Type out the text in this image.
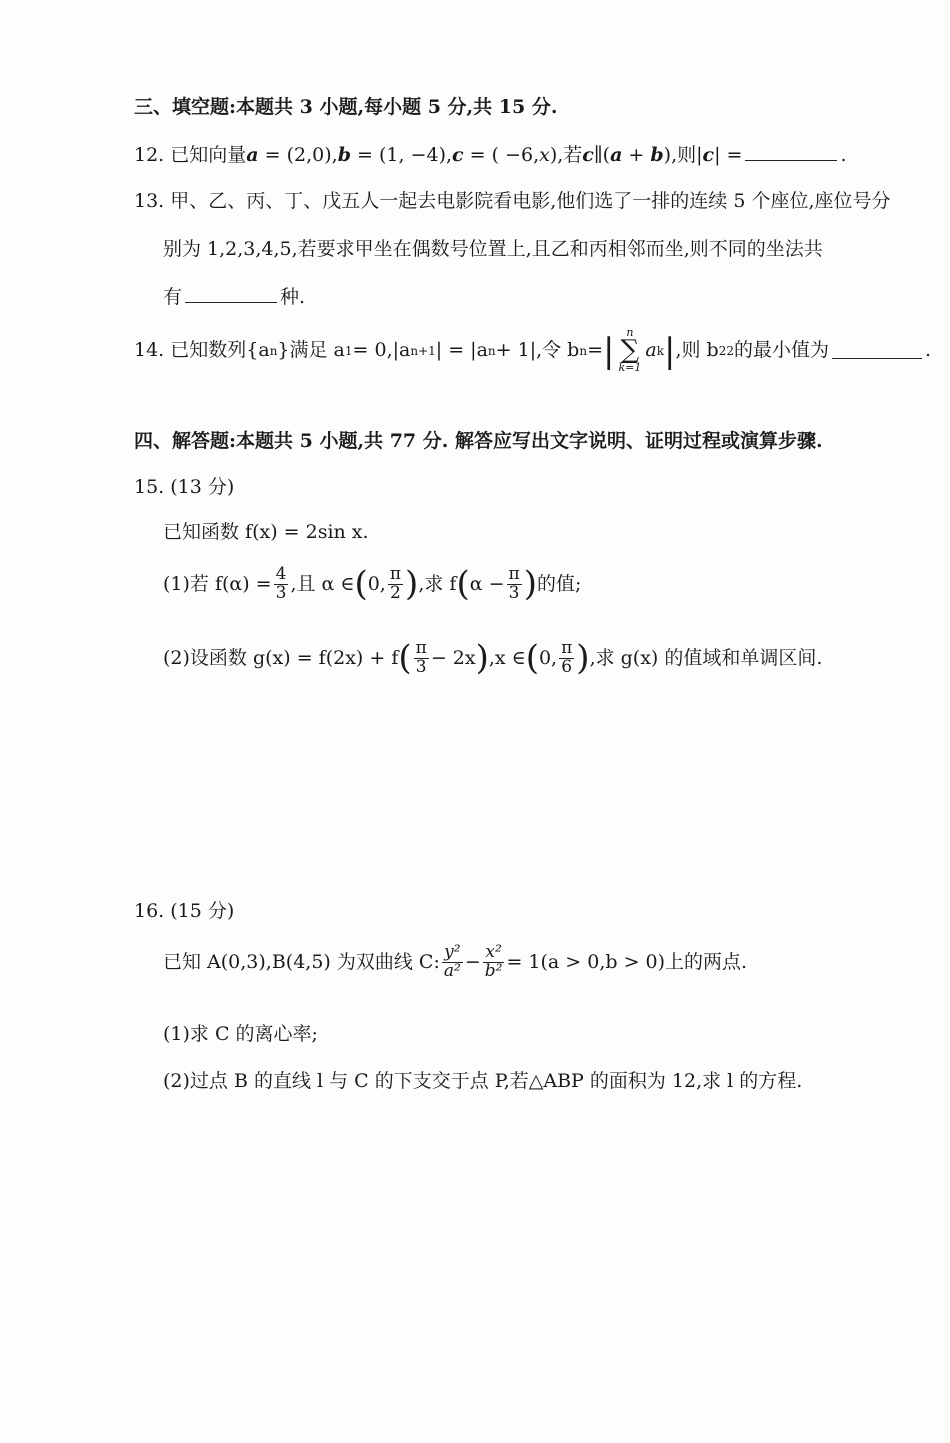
三、填空题:本题共 3 小题,每小题 5 分,共 15 分.
12. 已知向量a = (2,0),b = (1, −4),c = ( −6,x),若c∥(a + b),则|c| =	.
13. 甲、乙、丙、丁、戊五人一起去电影院看电影,他们选了一排的连续 5 个座位,座位号分
别为 1,2,3,4,5,若要求甲坐在偶数号位置上,且乙和丙相邻而坐,则不同的坐法共
有	种.
14.
已知数列{a n }满足 a 1 = 0,|a n+1 | = |a n + 1|,令 b n = | n
∑
k=1
a k | ,则 b 22 的最小值为	.
四、解答题:本题共 5 小题,共 77 分. 解答应写出文字说明、证明过程或演算步骤.
15. (13 分)
已知函数 f(x) = 2sin x.
(1)若 $f(\alpha) = \frac{4}{3}$ ,且 α ∈ ( 0, $\frac{\pi}{2}$ ) ,求 f ( $\alpha - \frac{\pi}{3}$ ) 的值;
(2)设函数 g(x) = f(2x) + f ( $\frac{\pi}{3} - 2x$ ) ,x ∈ ( 0, $\frac{\pi}{6}$ ) ,求 g(x) 的值域和单调区间.
16. (15 分)
已知 A(0,3),B(4,5) 为双曲线 C: $\frac{\text{y²}}{\text{a²}} - \frac{\text{x²}}{\text{b²}} = 1(a > 0,b > 0)$上的两点.
(1)求 C 的离心率;
(2)过点 B 的直线 l 与 C 的下支交于点 P,若△ABP 的面积为 12,求 l 的方程.
